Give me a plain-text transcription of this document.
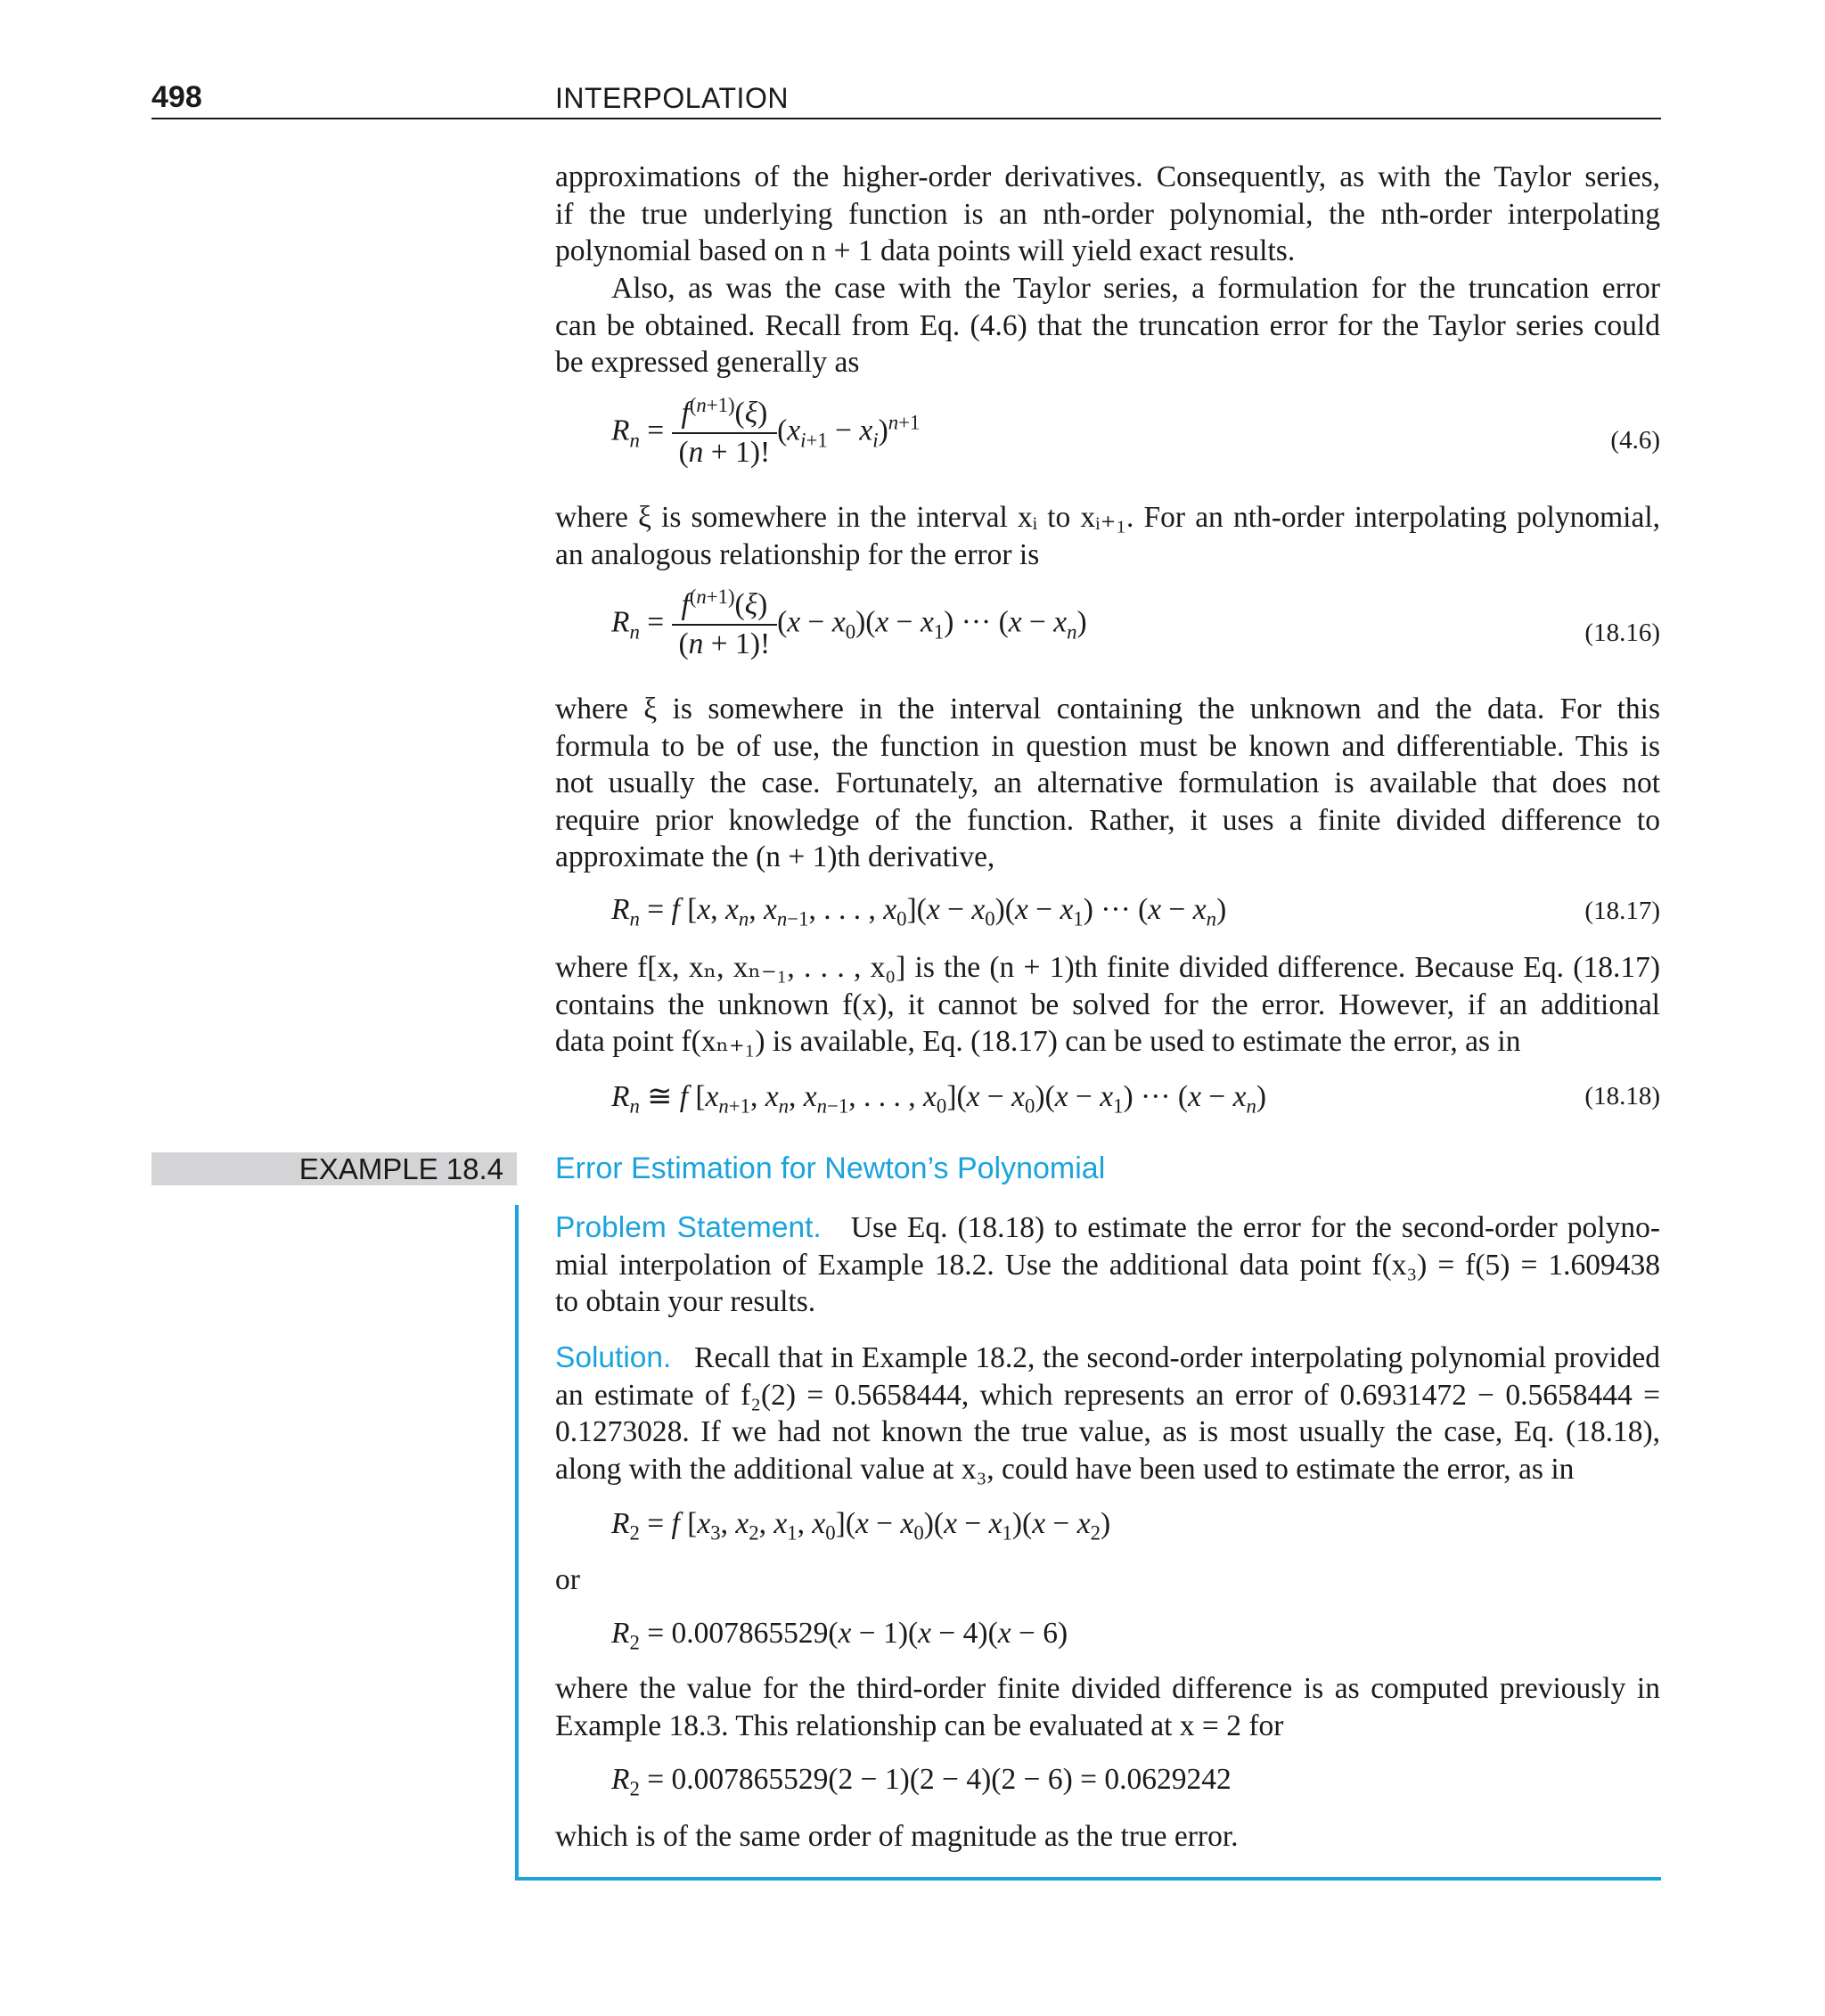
498	INTERPOLATION
approximations of the higher-order derivatives. Consequently, as with the Taylor series,
if the true underlying function is an nth-order polynomial, the nth-order interpolating
polynomial based on n + 1 data points will yield exact results.
Also, as was the case with the Taylor series, a formulation for the truncation error
can be obtained. Recall from Eq. (4.6) that the truncation error for the Taylor series could
be expressed generally as
$R_n = \frac{f^{(n+1)}(\xi)}{(n + 1)!} (x_{i+1} - x_i)^{n+1}$
(4.6)
where ξ is somewhere in the interval xᵢ to xᵢ₊₁. For an nth-order interpolating polynomial,
an analogous relationship for the error is
$R_n = \frac{f^{(n+1)}(\xi)}{(n + 1)!} (x - x_0)(x - x_1)$ ··· $(x - x_n)$	(18.16)
where ξ is somewhere in the interval containing the unknown and the data. For this
formula to be of use, the function in question must be known and differentiable. This is
not usually the case. Fortunately, an alternative formulation is available that does not
require prior knowledge of the function. Rather, it uses a finite divided difference to
approximate the (n + 1)th derivative,
$R_n = f$ [x, $x_n$, $x_{n-1}$, . . . , $x_0](x - x_0)(x - x_1)$ ··· $(x - x_n)$	(18.17)
where f[x, xₙ, xₙ₋₁, . . . , x₀] is the (n + 1)th finite divided difference. Because Eq. (18.17)
contains the unknown f(x), it cannot be solved for the error. However, if an additional
data point f(xₙ₊₁) is available, Eq. (18.17) can be used to estimate the error, as in
$R_n$ ≅ f [$x_{n+1}$, $x_n$, $x_{n-1}$, . . . , $x_0](x - x_0)(x - x_1)$ ··· $(x - x_n)$	(18.18)
EXAMPLE 18.4	Error Estimation for Newton’s Polynomial
Problem Statement. Use Eq. (18.18) to estimate the error for the second-order polyno-
mial interpolation of Example 18.2. Use the additional data point f(x₃) = f(5) = 1.609438
to obtain your results.
Solution. Recall that in Example 18.2, the second-order interpolating polynomial provided
an estimate of f₂(2) = 0.5658444, which represents an error of 0.6931472 − 0.5658444 =
0.1273028. If we had not known the true value, as is most usually the case, Eq. (18.18),
along with the additional value at x₃, could have been used to estimate the error, as in
$R_2 = f$ [$x_3$, $x_2$, $x_1$, $x_0](x - x_0)(x - x_1)(x - x_2)$
or
$R_2 = 0.007865529(x - 1)(x - 4)(x - 6)$
where the value for the third-order finite divided difference is as computed previously in
Example 18.3. This relationship can be evaluated at x = 2 for
$R_2 = 0.007865529(2 - 1)(2 - 4)(2 - 6) = 0.0629242$
which is of the same order of magnitude as the true error.
